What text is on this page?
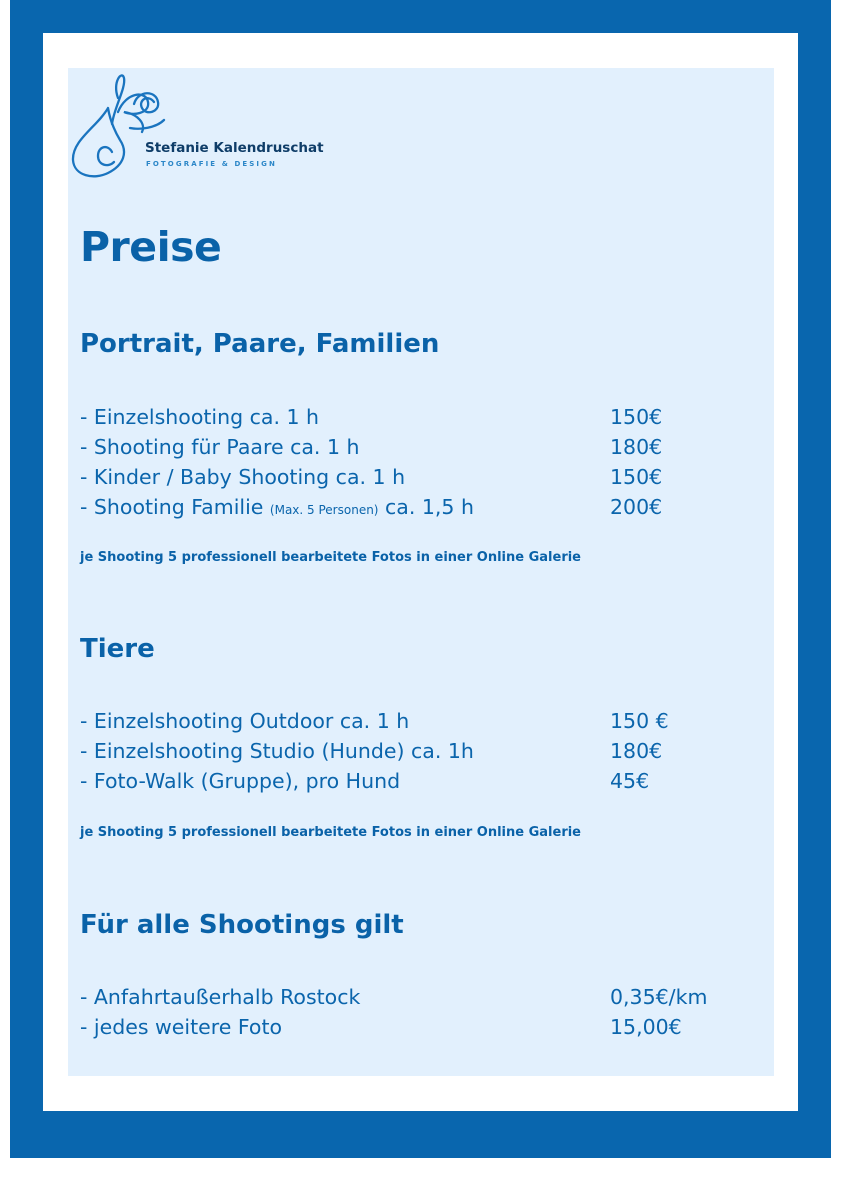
Stefanie Kalendruschat
FOTOGRAFIE & DESIGN
Preise
Portrait, Paare, Familien
- Einzelshooting ca. 1 h	150€
- Shooting für Paare ca. 1 h	180€
- Kinder / Baby Shooting ca. 1 h	150€
- Shooting Familie (Max. 5 Personen) ca. 1,5 h	200€

je Shooting 5 professionell bearbeitete Fotos in einer Online Galerie

Tiere
- Einzelshooting Outdoor ca. 1 h	150 €
- Einzelshooting Studio (Hunde) ca. 1h	180€
- Foto-Walk (Gruppe), pro Hund	45€

je Shooting 5 professionell bearbeitete Fotos in einer Online Galerie

Für alle Shootings gilt
- Anfahrtaußerhalb Rostock	0,35€/km
- jedes weitere Foto	15,00€
